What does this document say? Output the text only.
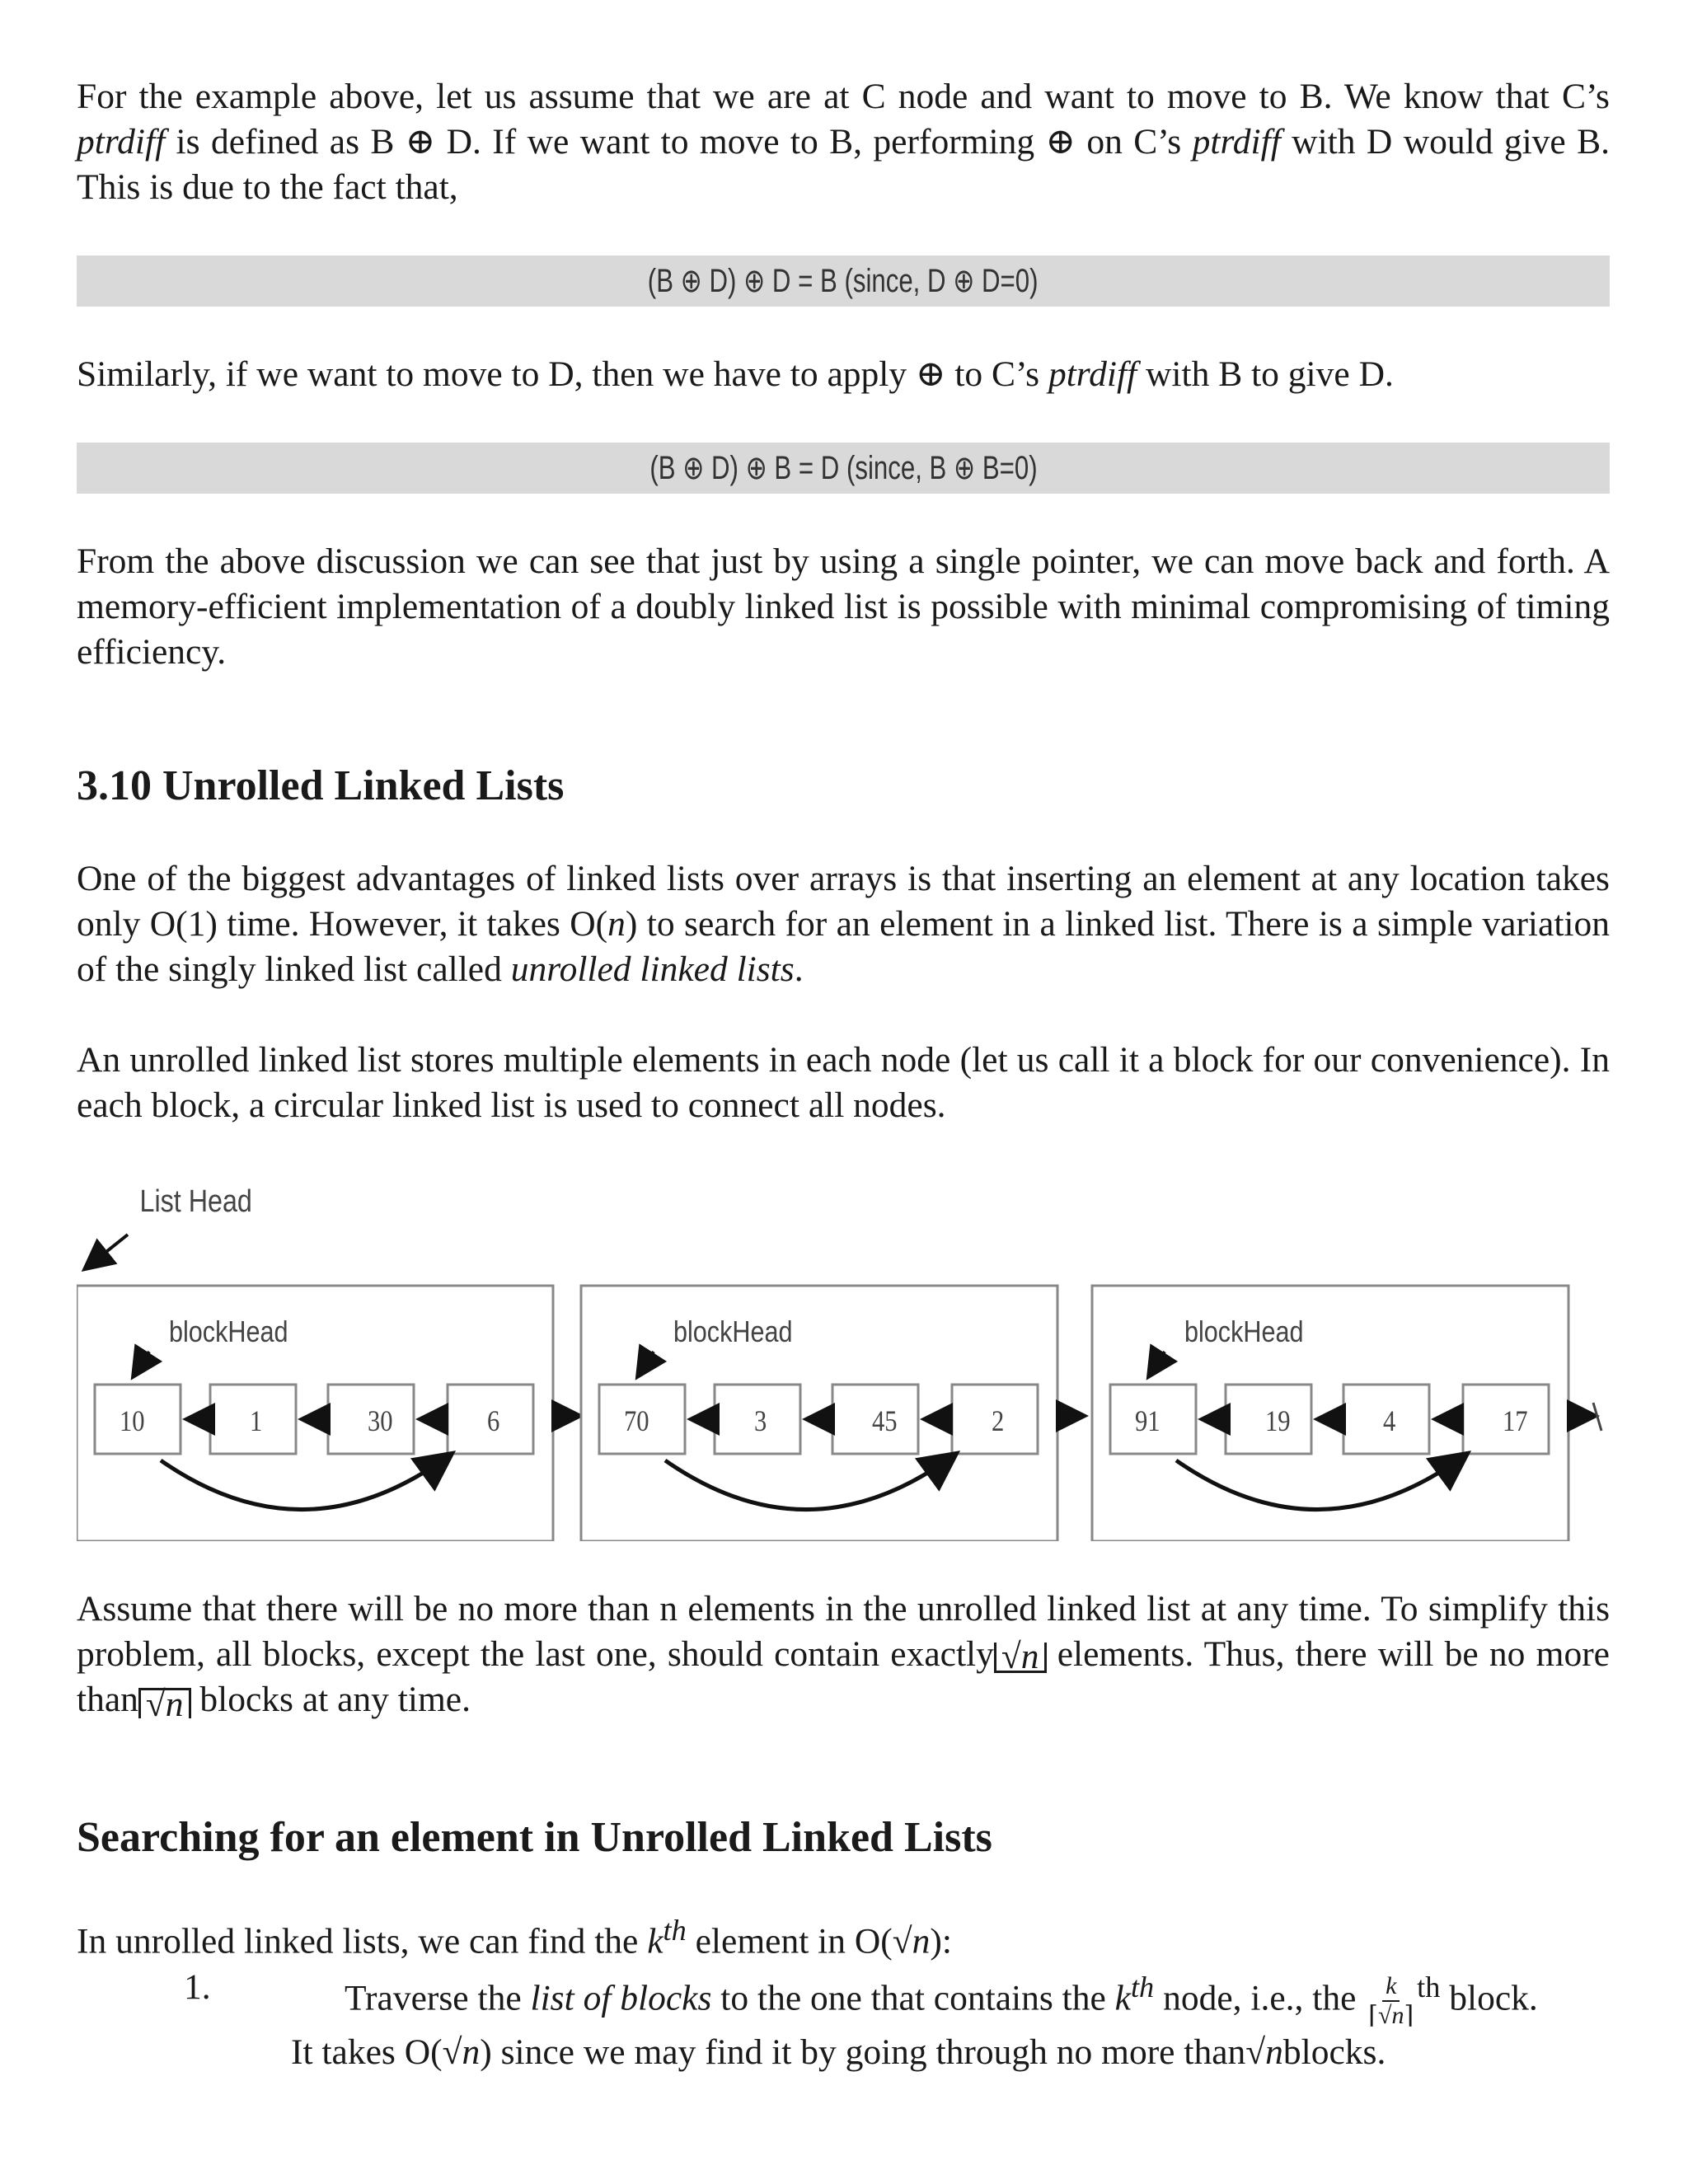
For the example above, let us assume that we are at C node and want to move to B. We know that C’s ptrdiff is defined as B ⊕ D. If we want to move to B, performing ⊕ on C’s ptrdiff with D would give B. This is due to the fact that,

(B ⊕ D) ⊕ D = B (since, D ⊕ D=0)

Similarly, if we want to move to D, then we have to apply ⊕ to C’s ptrdiff with B to give D.

(B ⊕ D) ⊕ B = D (since, B ⊕ B=0)

From the above discussion we can see that just by using a single pointer, we can move back and forth. A memory-efficient implementation of a doubly linked list is possible with minimal compromising of timing efficiency.

3.10 Unrolled Linked Lists

One of the biggest advantages of linked lists over arrays is that inserting an element at any location takes only O(1) time. However, it takes O(n) to search for an element in a linked list. There is a simple variation of the singly linked list called unrolled linked lists.

An unrolled linked list stores multiple elements in each node (let us call it a block for our convenience). In each block, a circular linked list is used to connect all nodes.

List Head
blockHead
10	1	30	6
blockHead
70	3	45	2
blockHead
91	19	4	17

Assume that there will be no more than n elements in the unrolled linked list at any time. To simplify this problem, all blocks, except the last one, should contain exactly √n elements. Thus, there will be no more than √n blocks at any time.

Searching for an element in Unrolled Linked Lists

In unrolled linked lists, we can find the $k^{th}$ element in O(√n):

1.	Traverse the list of blocks to the one that contains the $k^{th}$ node, i.e., the $\frac{k}{⌈√n⌉} ^{th}$ block.
It takes O( √ n ) since we may find it by going through no more than √ n blocks.
